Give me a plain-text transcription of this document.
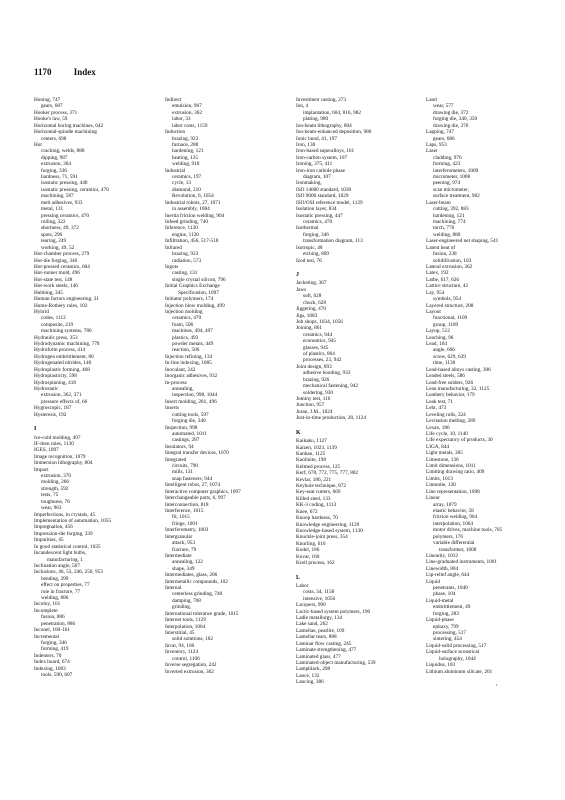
1170 Index
Honing, 747
gears, 687
Hooker process, 371
Hooke's law, 59
Horizontal boring machines, 642
Horizontal-spindle machining
centers, 698
Hot
cracking, welds, 888
dipping, 987
extrusion, 364
forging, 336
hardness, 71, 591
isostatic pressing, 448
isostatic pressing, ceramics, 470
machining, 587
melt adhesives, 933
metal, 131
pressing ceramics, 470
rolling, 322
shortness, 49, 372
spots, 296
tearing, 249
working, 49, 52
Hot-chamber process, 279
Hot-die forging, 346
Hot-pressed ceramics, 604
Hot-runner mold, 496
Hot-state test, 148
Hot-work steels, 146
Hubbing, 345
Human factors engineering, 31
Hume-Rothery rules, 102
Hybrid
codes, 1112
composite, 219
machining systems, 780
Hydraulic press, 353
Hydrodynamic machining, 778
Hydroform process, 414
Hydrogen embrittlement, 80
Hydrogenated nitrides, 140
Hydroplastic forming, 468
Hydroplasticity, 598
Hydrospinning, 418
Hydrostatic
extrusion, 362, 371
pressure effects of, 66
Hygroscopic, 187
Hysteresis, 192
I
Ice-cold molding, 497
IF-then rules, 1130
IGES, 1097
Image recognition, 1079
Immersion lithography, 804
Impact
extrusion, 370
molding, 266
strength, 592
tests, 75
toughness, 76
wear, 963
Imperfections, in crystals, 45
Implementation of automation, 1055
Impregnation, 456
Impression-die forging, 339
Impurities, 45
In good statistical control, 1035
Incandescent light bulbs,
manufacturing, 1
Inclination angle, 567
Inclusions, 46, 53, 246, 250, 953
bending, 399
effect on properties, 77
role in fracture, 77
welding, 886
Incoloy, 161
Incomplete
fusion, 886
penetration, 886
Inconel, 160-161
Incremental
forging, 346
forming, 419
Indenters, 70
Index board, 674
Indexing, 1083
tools, 590, 607
Indirect
emulsion, 967
extrusion, 362
labor, 33
labor costs, 1159
Induction
brazing, 923
furnace, 288
hardening, 121
heating, 125
welding, 910
Industrial
ceramics, 197
cycle, 13
diamond, 210
Revolution, 6, 1054
Industrial robots, 27, 1071
in assembly, 1084
Inertia friction welding, 904
Infeed grinding, 740
Inference, 1130
engine, 1130
Infiltration, 456, 517-518
Infrared
brazing, 923
radiation, 573
Ingots
casting, 131
single crystal silicon, 796
Initial Graphics Exchange
Specification, 1097
Initiator polymers, 174
Injection blow molding, 499
Injection molding
ceramics, 470
foam, 506
machines, 494, 497
plastics, 493
powder metals, 449
reaction, 506
Injection refining, 134
In-line indexing, 1085
Inoculant, 242
Inorganic adhesives, 932
In-process
annealing,
inspection, 998, 1044
Insert molding, 281, 496
Inserts
cutting tools, 597
forging die, 340
Inspection, 998
automated, 1011
castings, 287
Insulators, 94
Integral transfer devices, 1070
Integrated
circuits, 790
mills, 131
snap fasteners, 944
Intelligent robot, 27, 1074
Interactive computer graphics, 1097
Interchangeable parts, 6, 997
Interconnection, 818
Interference, 1015
fit, 1015
fringe, 1001
Interferometry, 1003
Intergranular
attack, 953
fracture, 79
Intermediate
annealing, 122
shape, 349
Intermediates, glass, 206
Intermetallic compounds, 102
Internal
centerless grinding, 740
damping, 708
grinding,
International tolerance grade, 1015
Internet tools, 1129
Interpolation, 1064
Interstitial, 45
solid solutions, 102
Invar, 94, 160
Inventory, 1124
control, 1106
Inverse segregation, 242
Inverted extrusion, 362
Investment casting, 273
Ion, 4
implantation, 604, 816, 982
plating, 980
Ion-beam lithography, 804
Ion-beam-enhanced deposition, 980
Ionic bond, 41, 197
Iron, 130
Iron-based superalloys, 161
Iron-carbon system, 107
Ironing, 375, 411
Iron-iron carbide phase
diagram, 107
Ironmaking,
ISO 14000 standard, 1030
ISO 9000 standard, 1029
ISO/OSI reference model, 1129
Isolation layer, 834
Isostatic pressing, 447
ceramics, 470
Isothermal
forging, 346
transformation diagram, 113
Isotropic, 48
etching, 809
Izod test, 76
J
Jacketing, 367
Jaws
soft, 628
chuck, 628
Jiggering, 470
Jigs, 1083
Job shops, 1034, 1056
Joining, 861
ceramics, 944
economics, 945
glasses, 945
of plastics, 864
processes, 23, 942
Joint design, 893
adhesive bonding, 933
brazing, 926
mechanical fastening, 942
soldering, 930
Jominy test, 116
Junction, 957
Juran, J.M., 1024
Just-in-time production, 28, 1124
K
Kaikaku, 1127
Kaizen, 1023, 1139
Kanban, 1125
Kaolinite, 198
Kelmed process, 125
Kerf, 678, 772, 775, 777, 882
Kevlar, 186, 221
Keyhole technique, 872
Key-seat cutters, 669
Killed steel, 133
KK-3 coding, 1113
Knee, 672
Knoop hardness, 70
Knowledge engineering, 1129
Knowledge-based system, 1130
Knuckle-joint press, 354
Knurling, 616
Kodel, 186
Kovar, 160
Kroll process, 162
L
Labor
costs, 34, 1158
intensive, 1056
Lacquers, 990
Lactic-based system polymers, 190
Ladle metallurgy, 134
Lake sand, 262
Lamellae, pearlite, 109
Lamellar tears, 888
Laminar flow casting, 245
Laminate strengthening, 477
Laminated glass, 477
Laminated-object manufacturing, 539
Lampblack, 208
Lance, 132
Lancing, 386
Land
wear, 577
drawing die, 372
forging die, 340, 350
drawing die, 376
Lapping, 747
gears, 686
Laps, 953
Laser
cladding, 976
forming, 423
interferometers, 1009
micrometer, 1008
peening, 974
scan micrometer,
surface treatment, 982
Laser-beam
cutting, 392, 883
hardening, 121
machining, 774
torch, 776
welding, 880
Laser-engineered net shaping, 541
Latent heat of
fusion, 238
solidification, 103
Lateral extrusion, 362
Latex, 192
Lathe, 617, 626
Lattice structure, 42
Lay, 954
symbols, 954
Layered structure, 208
Layout
functional, 1109
group, 1109
Layup, 512
Leaching, 96
Lead, 164
angle, 666
screw, 629, 639
time, 1130
Lead-based alloys casting, 306
Leaded steels, 586
Lead-free solders, 926
Lean manufacturing, 32, 1125
Leathery behavior, 179
Leak test, 71
Lehr, 473
Leveling rolls, 324
Levitation melting, 289
Lexan, 186
Life cycle, 10, 1140
Life expectancy of products, 30
LIGA, 844
Light metals, 305
Limestone, 130
Limit dimensions, 1011
Limiting drawing ratio, 409
Limits, 1013
Limonite, 130
Line representation, 1098
Linear
array, 1079
elastic behavior, 58
friction welding, 904
interpolation, 1064
motor drives, machine tools, 705
polymers, 176
variable differential
transformer, 1008
Linearity, 1012
Line-graduated instruments, 1001
Linewidth, 804
Lip-relief angle, 644
Liquid
penetrants, 1040
phase, 104
Liquid-metal
embrittlement, 49
forging, 283
Liquid-phase
epitaxy, 799
processing, 517
sintering, 454
Liquid-solid processing, 517
Liquid-surface acoustical
holography, 1044
Liquidus, 103
Lithium aluminum silicate, 201
·
